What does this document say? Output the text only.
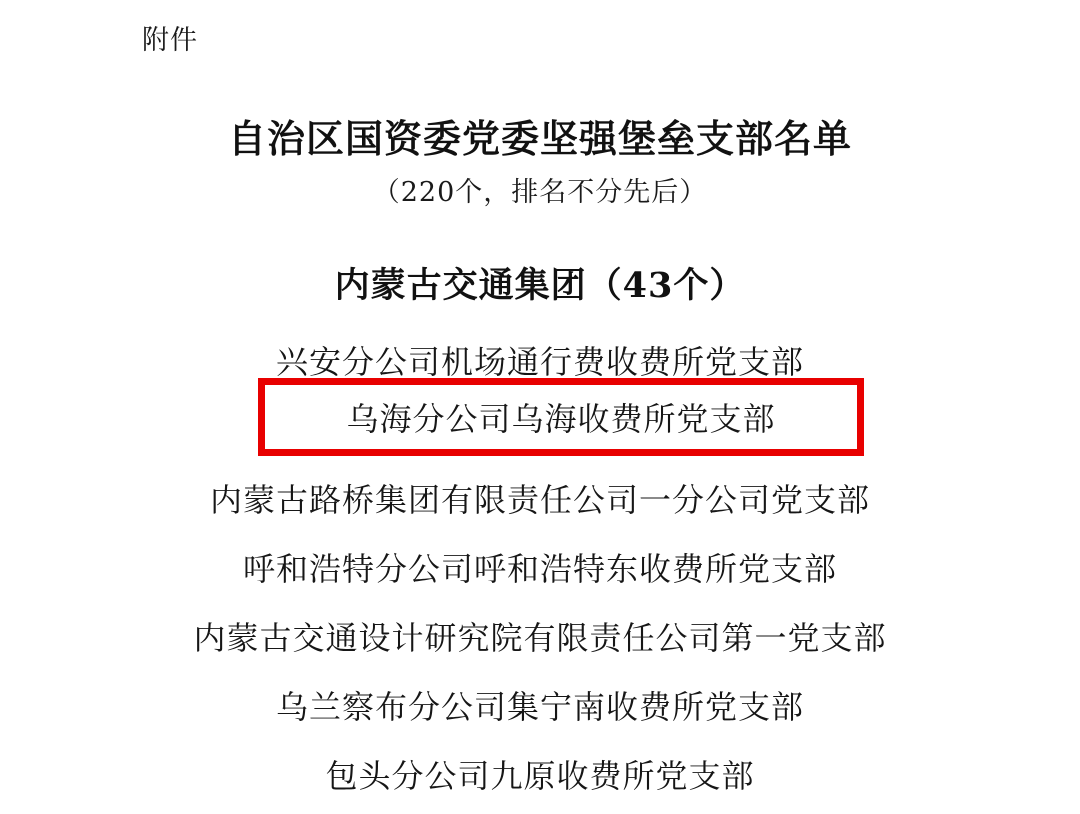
附件
自治区国资委党委坚强堡垒支部名单
（220个，排名不分先后）
内蒙古交通集团（43个）
兴安分公司机场通行费收费所党支部

内蒙古路桥集团有限责任公司一分公司党支部
呼和浩特分公司呼和浩特东收费所党支部
内蒙古交通设计研究院有限责任公司第一党支部
乌兰察布分公司集宁南收费所党支部
包头分公司九原收费所党支部
乌海分公司乌海收费所党支部
